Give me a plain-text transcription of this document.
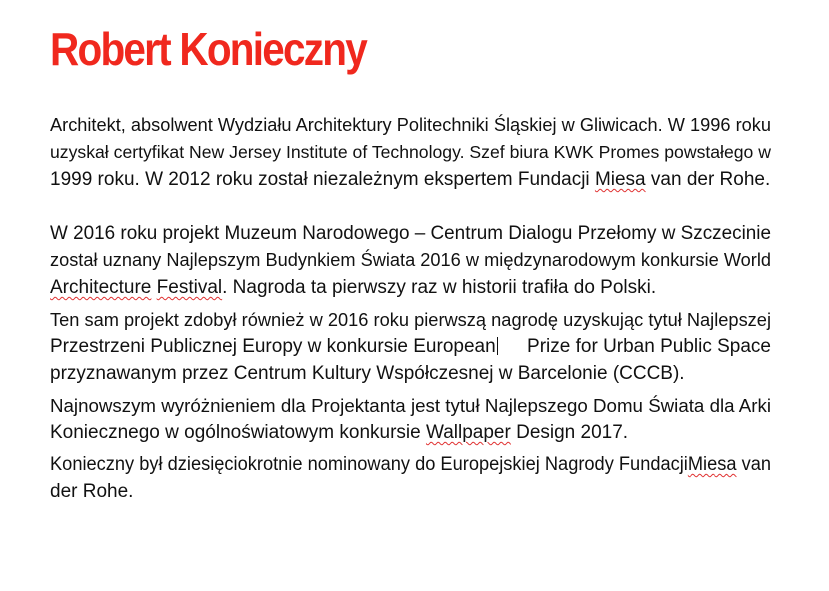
Robert Konieczny
Architekt, absolwent Wydziału Architektury Politechniki Śląskiej w Gliwicach. W 1996 roku
uzyskał certyfikat New Jersey Institute of Technology. Szef biura KWK Promes powstałego w
1999 roku. W 2012 roku został niezależnym ekspertem Fundacji Miesa van der Rohe.
W 2016 roku projekt Muzeum Narodowego – Centrum Dialogu Przełomy w Szczecinie
został uznany Najlepszym Budynkiem Świata 2016 w międzynarodowym konkursie World
Architecture Festival. Nagroda ta pierwszy raz w historii trafiła do Polski.
Ten sam projekt zdobył również w 2016 roku pierwszą nagrodę uzyskując tytuł Najlepszej
Przestrzeni Publicznej Europy w konkursie European Prize for Urban Public Space
przyznawanym przez Centrum Kultury Współczesnej w Barcelonie (CCCB).
Najnowszym wyróżnieniem dla Projektanta jest tytuł Najlepszego Domu Świata dla Arki
Koniecznego w ogólnoświatowym konkursie Wallpaper Design 2017.
Konieczny był dziesięciokrotnie nominowany do Europejskiej Nagrody Fundacji Miesa van
der Rohe.
